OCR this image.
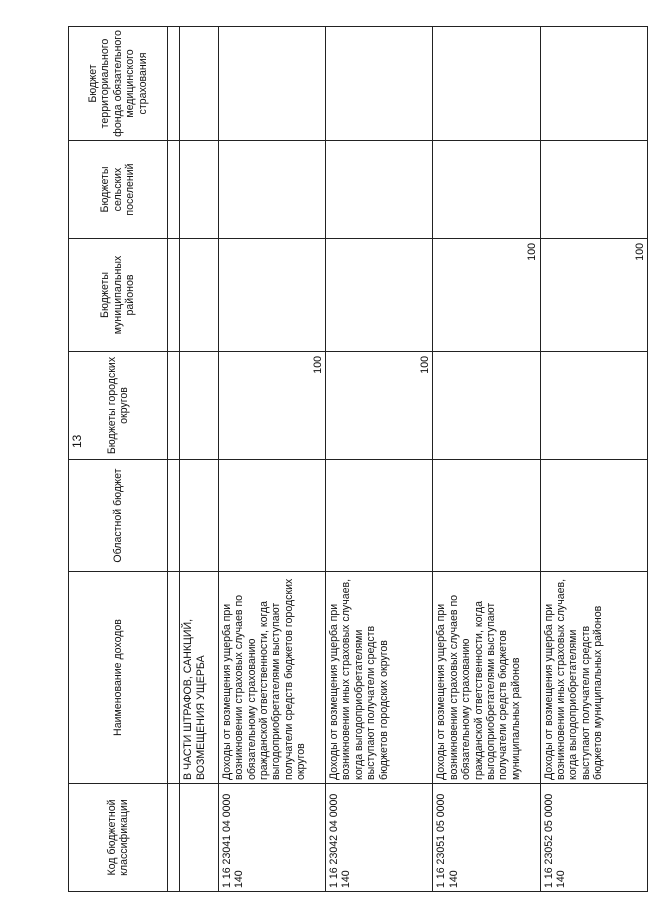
13
Код бюджетной классификации	Наименование доходов	Областной бюджет	Бюджеты городских округов	Бюджеты муниципальных районов	Бюджеты сельских поселений	Бюджет территориального фонда обязательного медицинского страхования

	В ЧАСТИ ШТРАФОВ, САНКЦИЙ, ВОЗМЕЩЕНИЯ УЩЕРБА					
1 16 23041 04 0000 140	Доходы от возмещения ущерба при возникновении страховых случаев по обязательному страхованию гражданской ответственности, когда выгодоприобретателями выступают получатели средств бюджетов городских округов		100			
1 16 23042 04 0000 140	Доходы от возмещения ущерба при возникновении иных страховых случаев, когда выгодоприобретателями выступают получатели средств бюджетов городских округов		100			
1 16 23051 05 0000 140	Доходы от возмещения ущерба при возникновении страховых случаев по обязательному страхованию гражданской ответственности, когда выгодоприобретателями выступают получатели средств бюджетов муниципальных районов			100		
1 16 23052 05 0000 140	Доходы от возмещения ущерба при возникновении иных страховых случаев, когда выгодоприобретателями выступают получатели средств бюджетов муниципальных районов			100		
